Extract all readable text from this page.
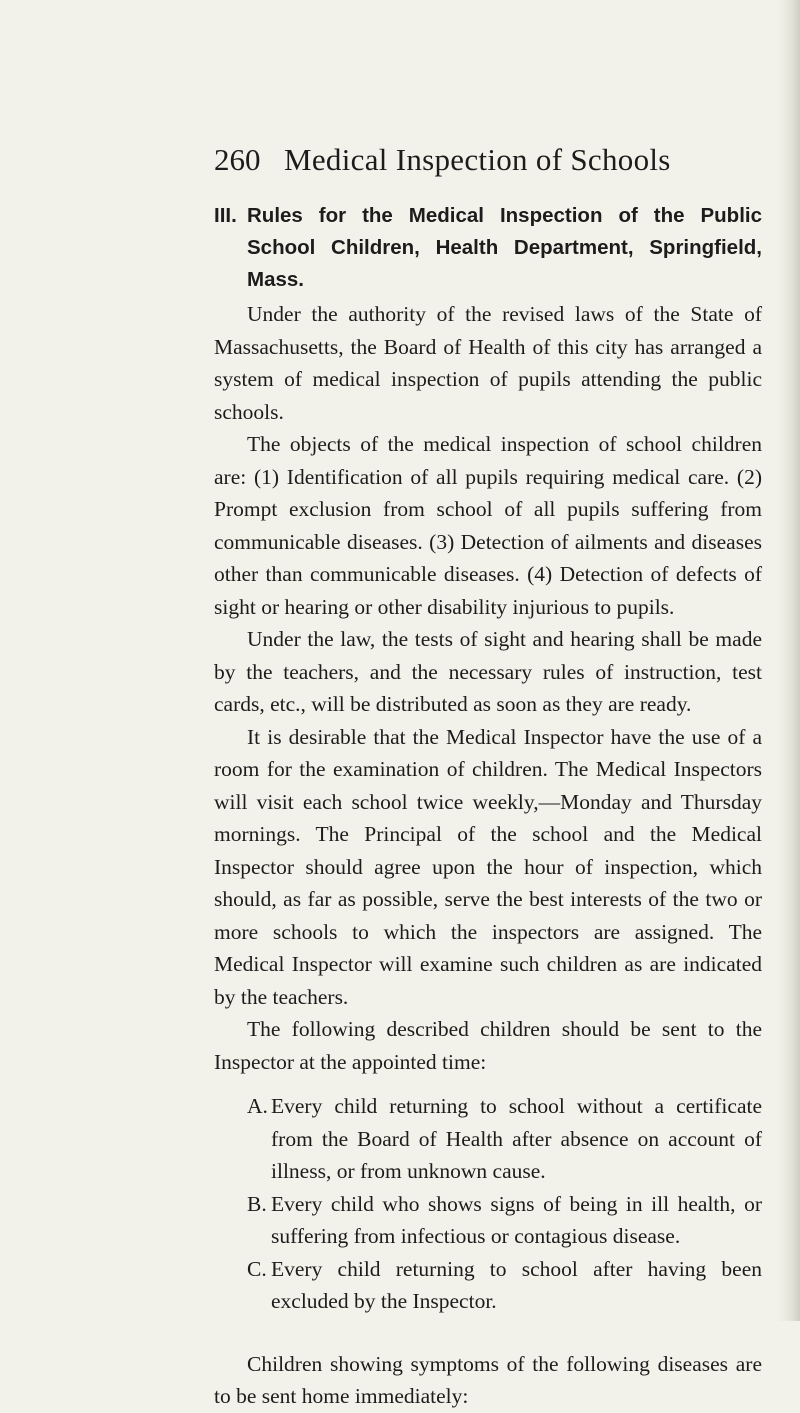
260 Medical Inspection of Schools
III. Rules for the Medical Inspection of the Public School Children, Health Department, Springfield, Mass.

Under the authority of the revised laws of the State of Massachusetts, the Board of Health of this city has arranged a system of medical inspection of pupils attending the public schools.

The objects of the medical inspection of school children are: (1) Identification of all pupils requiring medical care. (2) Prompt exclusion from school of all pupils suffering from communicable diseases. (3) Detection of ailments and diseases other than communicable diseases. (4) Detection of defects of sight or hearing or other disability injurious to pupils.

Under the law, the tests of sight and hearing shall be made by the teachers, and the necessary rules of instruction, test cards, etc., will be distributed as soon as they are ready.

It is desirable that the Medical Inspector have the use of a room for the examination of children. The Medical Inspectors will visit each school twice weekly,—Monday and Thursday mornings. The Principal of the school and the Medical Inspector should agree upon the hour of inspection, which should, as far as possible, serve the best interests of the two or more schools to which the inspectors are assigned. The Medical Inspector will examine such children as are indicated by the teachers.

The following described children should be sent to the Inspector at the appointed time:

A. Every child returning to school without a certificate from the Board of Health after absence on account of illness, or from unknown cause.
B. Every child who shows signs of being in ill health, or suffering from infectious or contagious disease.
C. Every child returning to school after having been excluded by the Inspector.

Children showing symptoms of the following diseases are to be sent home immediately:
